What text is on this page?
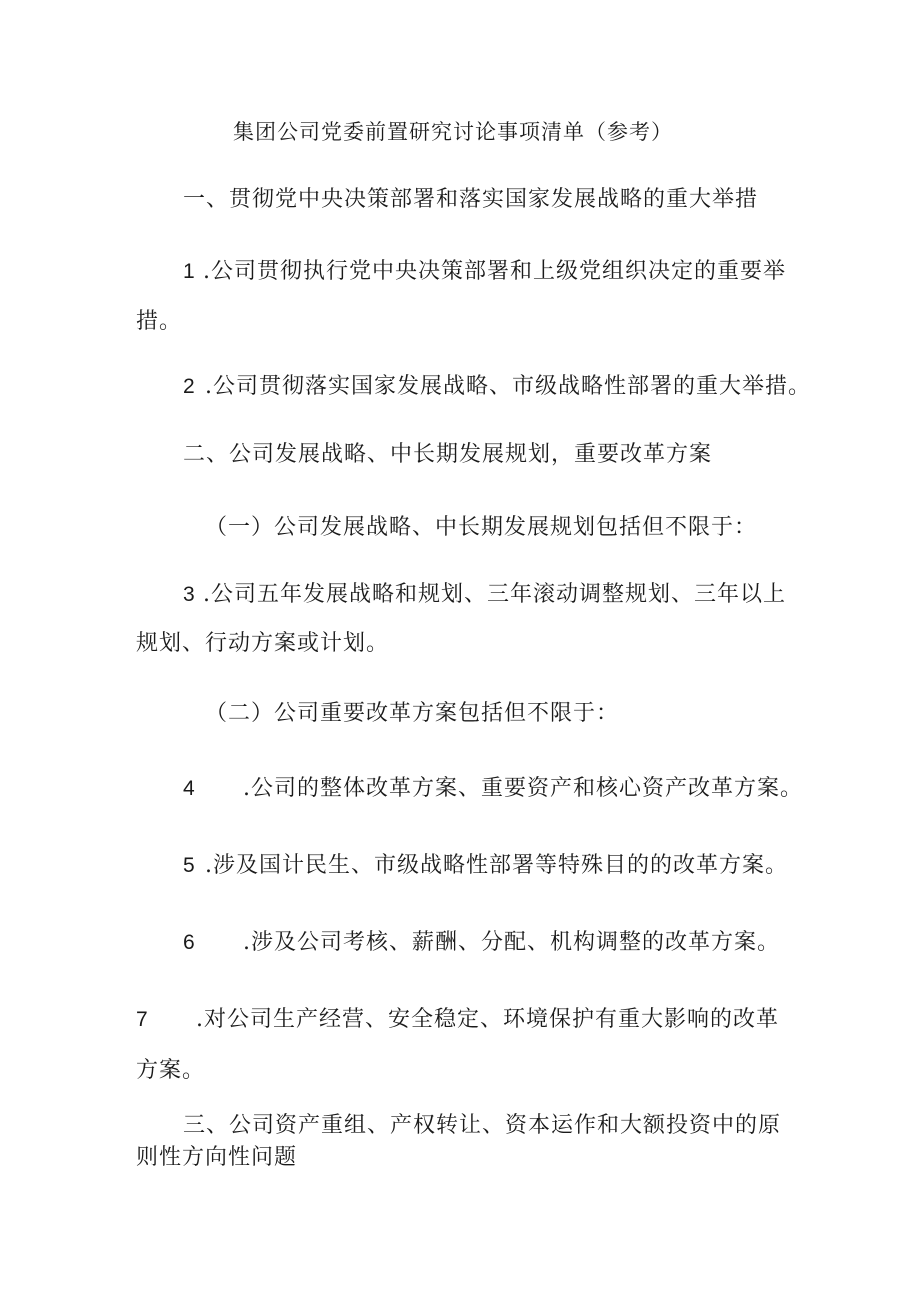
集团公司党委前置研究讨论事项清单（参考）
一、贯彻党中央决策部署和落实国家发展战略的重大举措
1 .公司贯彻执行党中央决策部署和上级党组织决定的重要举
措。
2 .公司贯彻落实国家发展战略、市级战略性部署的重大举措。
二、公司发展战略、中长期发展规划，重要改革方案
（一）公司发展战略、中长期发展规划包括但不限于：
3 .公司五年发展战略和规划、三年滚动调整规划、三年以上
规划、行动方案或计划。
（二）公司重要改革方案包括但不限于：
4 .公司的整体改革方案、重要资产和核心资产改革方案。
5 .涉及国计民生、市级战略性部署等特殊目的的改革方案。
6 .涉及公司考核、薪酬、分配、机构调整的改革方案。
7 .对公司生产经营、安全稳定、环境保护有重大影响的改革
方案。
三、公司资产重组、产权转让、资本运作和大额投资中的原
则性方向性问题
